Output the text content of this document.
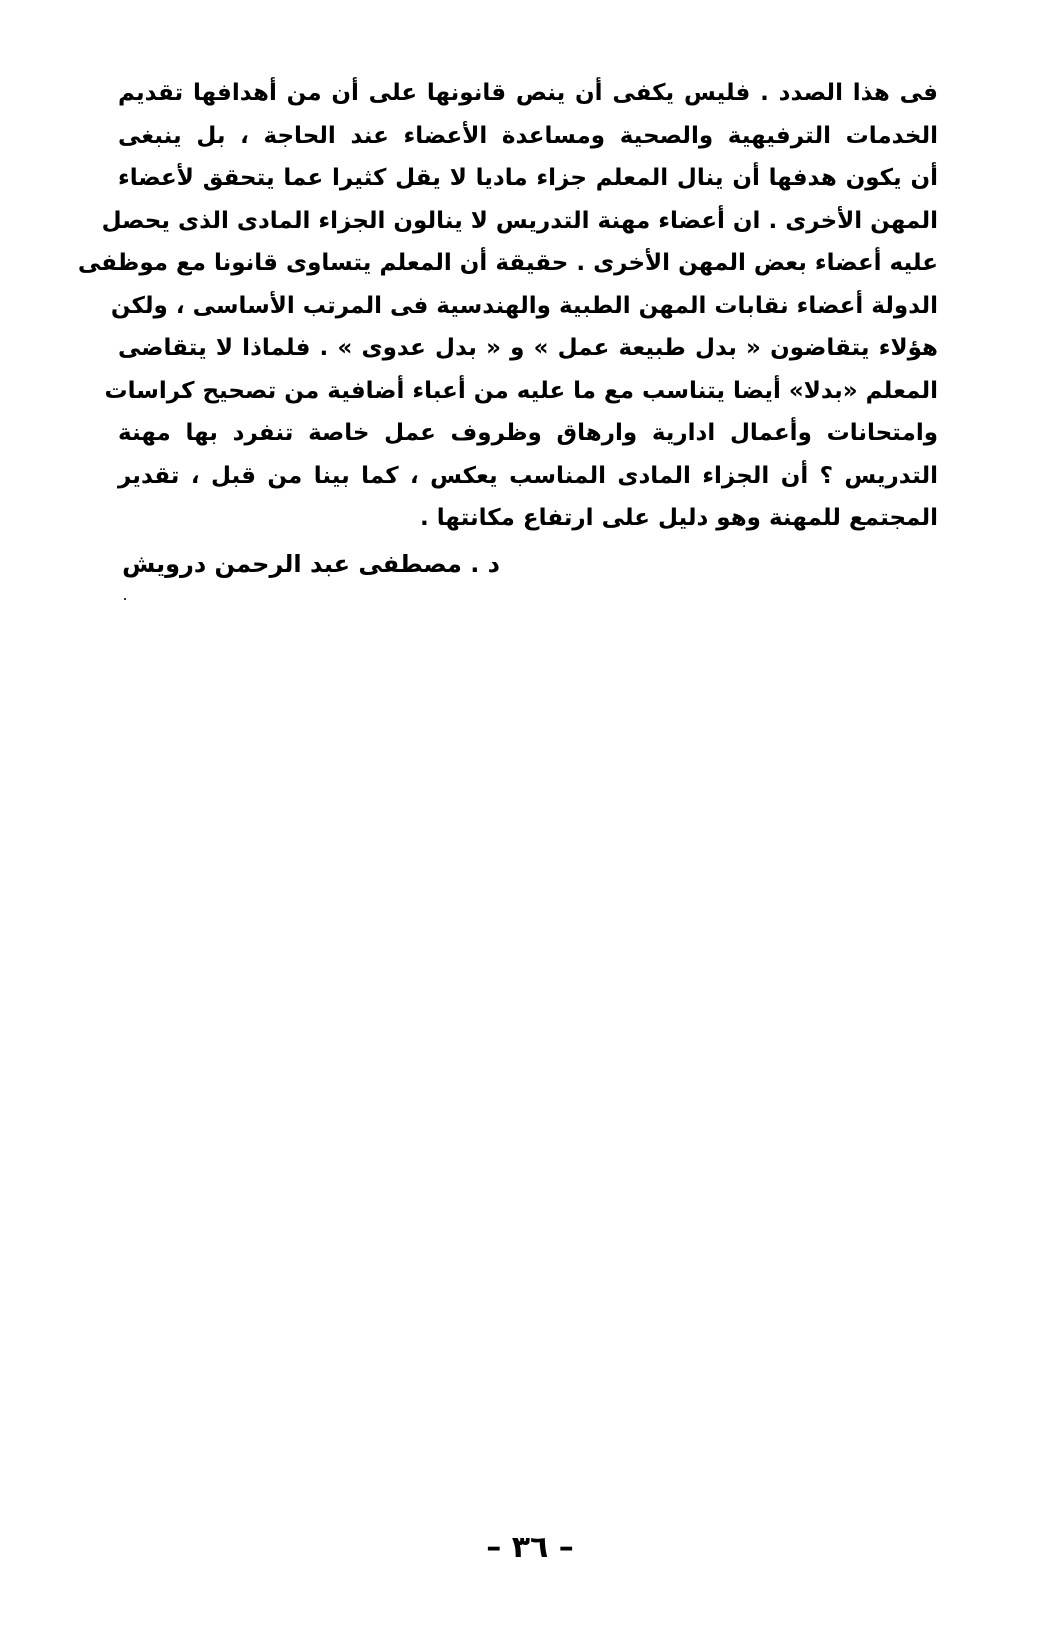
فى هذا الصدد . فليس يكفى أن ينص قانونها على أن من أهدافها تقديم
الخدمات الترفيهية والصحية ومساعدة الأعضاء عند الحاجة ، بل ينبغى
أن يكون هدفها أن ينال المعلم جزاء ماديا لا يقل كثيرا عما يتحقق لأعضاء
المهن الأخرى . ان أعضاء مهنة التدريس لا ينالون الجزاء المادى الذى يحصل
عليه أعضاء بعض المهن الأخرى . حقيقة أن المعلم يتساوى قانونا مع موظفى
الدولة أعضاء نقابات المهن الطبية والهندسية فى المرتب الأساسى ، ولكن
هؤلاء يتقاضون « بدل طبيعة عمل » و « بدل عدوى » . فلماذا لا يتقاضى
المعلم «بدلا» أيضا يتناسب مع ما عليه من أعباء أضافية من تصحيح كراسات
وامتحانات وأعمال ادارية وارهاق وظروف عمل خاصة تنفرد بها مهنة
التدريس ؟ أن الجزاء المادى المناسب يعكس ، كما بينا من قبل ، تقدير
المجتمع للمهنة وهو دليل على ارتفاع مكانتها .
د . مصطفى عبد الرحمن درويش
– ٣٦ –
